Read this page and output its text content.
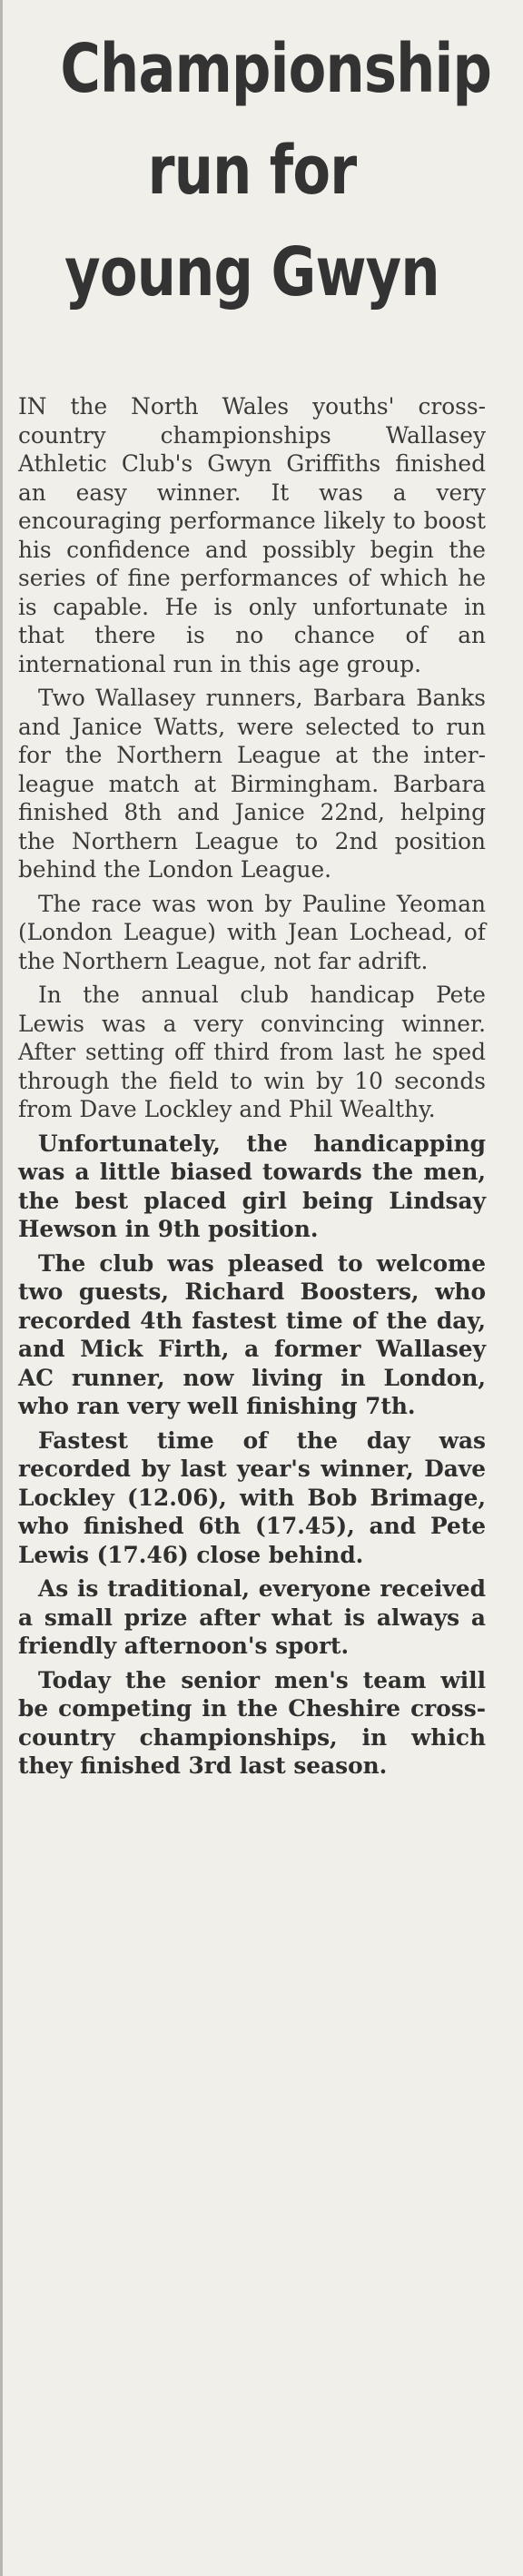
Championship
run for
young Gwyn

IN the North Wales youths' cross-country championships Wallasey Athletic Club's Gwyn Griffiths finished an easy winner. It was a very encouraging performance likely to boost his confidence and possibly begin the series of fine performances of which he is capable. He is only unfortunate in that there is no chance of an international run in this age group.

Two Wallasey runners, Barbara Banks and Janice Watts, were selected to run for the Northern League at the inter-league match at Birmingham. Barbara finished 8th and Janice 22nd, helping the Northern League to 2nd position behind the London League.

The race was won by Pauline Yeoman (London League) with Jean Lochead, of the Northern League, not far adrift.

In the annual club handicap Pete Lewis was a very convincing winner. After setting off third from last he sped through the field to win by 10 seconds from Dave Lockley and Phil Wealthy.

Unfortunately, the handicapping was a little biased towards the men, the best placed girl being Lindsay Hewson in 9th position.

The club was pleased to welcome two guests, Richard Boosters, who recorded 4th fastest time of the day, and Mick Firth, a former Wallasey AC runner, now living in London, who ran very well finishing 7th.

Fastest time of the day was recorded by last year's winner, Dave Lockley (12.06), with Bob Brimage, who finished 6th (17.45), and Pete Lewis (17.46) close behind.

As is traditional, everyone received a small prize after what is always a friendly afternoon's sport.

Today the senior men's team will be competing in the Cheshire cross-country championships, in which they finished 3rd last season.
